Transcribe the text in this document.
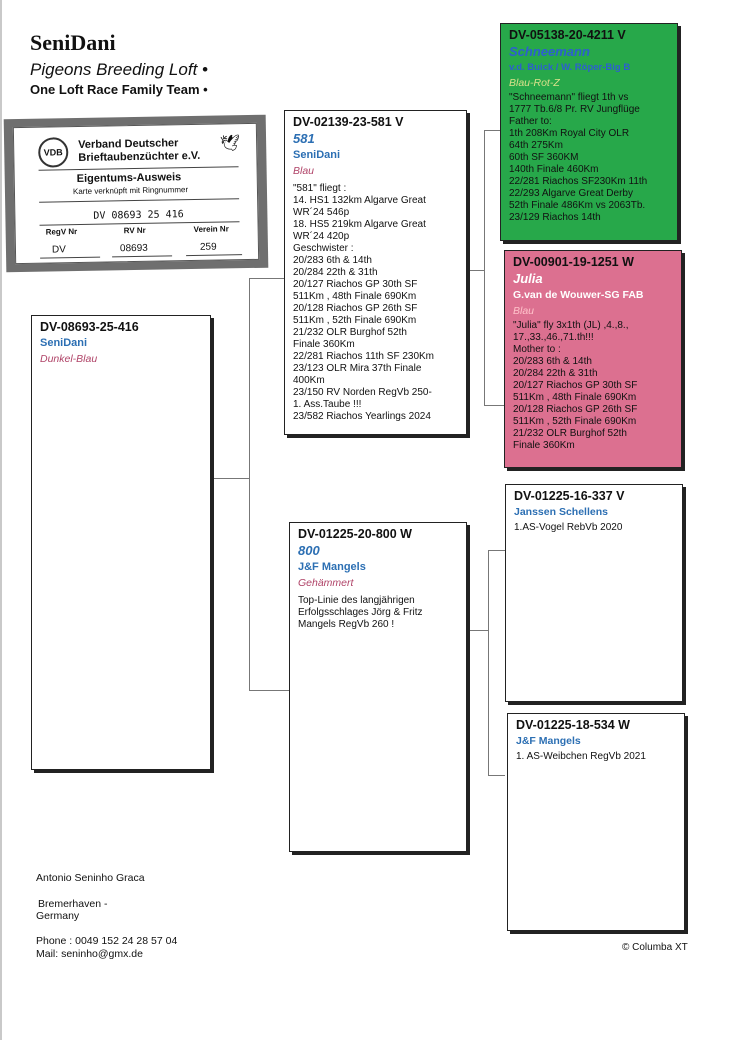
SeniDani
Pigeons Breeding Loft •
One Loft Race Family Team •
VDB
Verband Deutscher
Brieftaubenzüchter e.V.
🕊
Eigentums-Ausweis
Karte verknüpft mit Ringnummer
DV 08693 25 416
RegV Nr	RV Nr	Verein Nr
DV	08693	259
DV-08693-25-416
SeniDani
Dunkel-Blau
DV-02139-23-581 V
581
SeniDani
Blau
"581" fliegt :
14. HS1 132km Algarve Great
WR´24 546p
18. HS5 219km Algarve Great
WR´24 420p
Geschwister :
20/283 6th & 14th
20/284 22th & 31th
20/127 Riachos GP 30th SF
511Km , 48th Finale 690Km
20/128 Riachos GP 26th SF
511Km , 52th Finale 690Km
21/232 OLR Burghof 52th
Finale 360Km
22/281 Riachos 11th SF 230Km
23/123 OLR Mira 37th Finale
400Km
23/150 RV Norden RegVb 250-
1. Ass.Taube !!!
23/582 Riachos Yearlings 2024
DV-01225-20-800 W
800
J&F Mangels
Gehämmert
Top-Linie des langjährigen
Erfolgsschlages Jörg & Fritz
Mangels RegVb 260 !
DV-05138-20-4211 V
Schneemann
v.d. Buick / W. Röper-Big B
Blau-Rot-Z
"Schneemann" fliegt 1th vs
1777 Tb.6/8 Pr. RV Jungflüge
Father to:
1th 208Km Royal City OLR
64th 275Km
60th SF 360KM
140th Finale 460Km
22/281 Riachos SF230Km 11th
22/293 Algarve Great Derby
52th Finale 486Km vs 2063Tb.
23/129 Riachos 14th
DV-00901-19-1251 W
Julia
G.van de Wouwer-SG FAB
Blau
"Julia" fly 3x1th (JL) ,4.,8.,
17.,33.,46.,71.th!!!
Mother to :
20/283 6th & 14th
20/284 22th & 31th
20/127 Riachos GP 30th SF
511Km , 48th Finale 690Km
20/128 Riachos GP 26th SF
511Km , 52th Finale 690Km
21/232 OLR Burghof 52th
Finale 360Km
DV-01225-16-337 V
Janssen Schellens
1.AS-Vogel RebVb 2020
DV-01225-18-534 W
J&F Mangels
1. AS-Weibchen RegVb 2021
Antonio Seninho Graca
Bremerhaven -
Germany
Phone : 0049 152 24 28 57 04
Mail: seninho@gmx.de
© Columba XT
